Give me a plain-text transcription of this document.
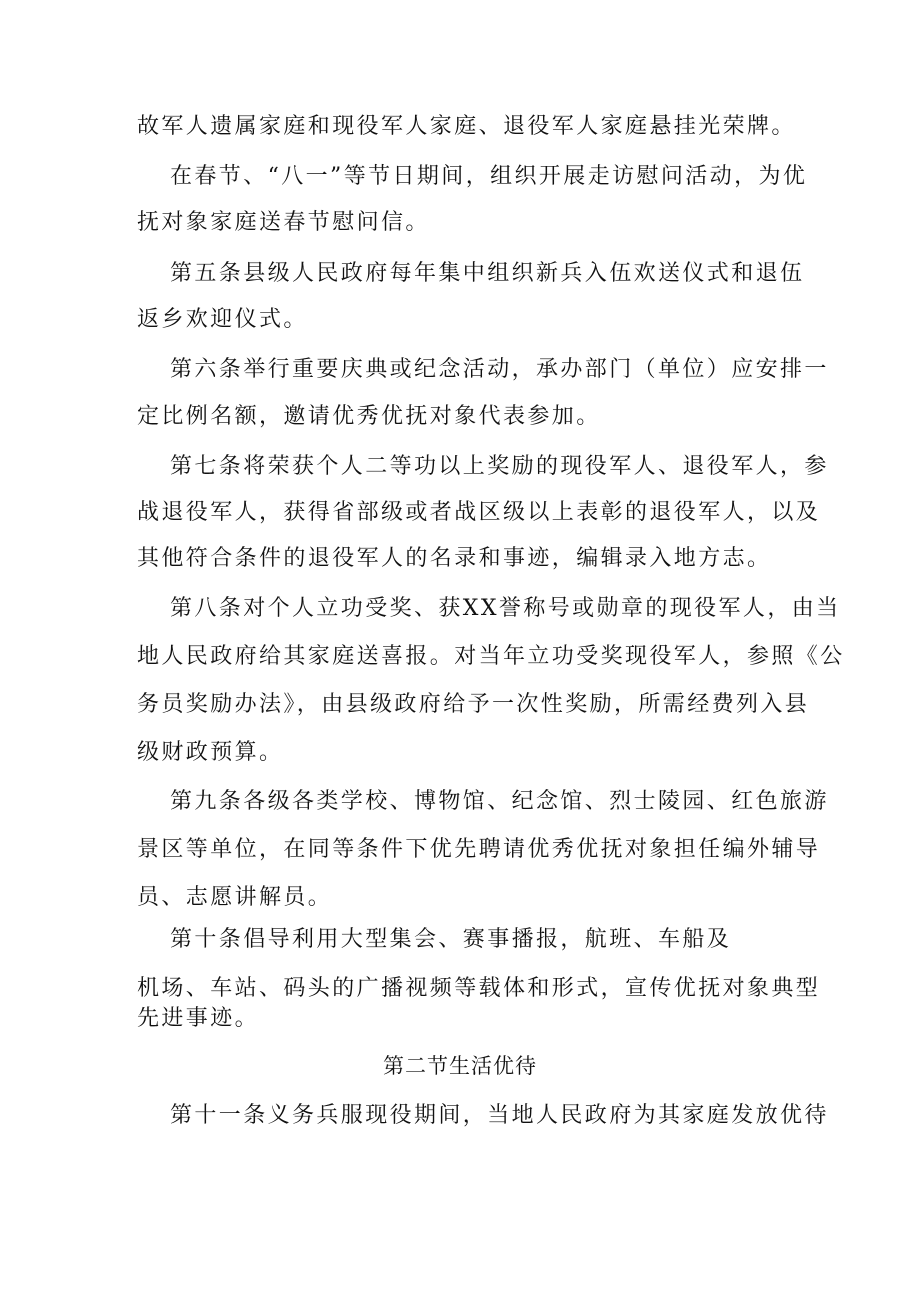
故军人遗属家庭和现役军人家庭、退役军人家庭悬挂光荣牌。
在春节、“八一”等节日期间，组织开展走访慰问活动，为优
抚对象家庭送春节慰问信。
第五条县级人民政府每年集中组织新兵入伍欢送仪式和退伍
返乡欢迎仪式。
第六条举行重要庆典或纪念活动，承办部门（单位）应安排一
定比例名额，邀请优秀优抚对象代表参加。
第七条将荣获个人二等功以上奖励的现役军人、退役军人，参
战退役军人，获得省部级或者战区级以上表彰的退役军人，以及
其他符合条件的退役军人的名录和事迹，编辑录入地方志。
第八条对个人立功受奖、获XX誉称号或勋章的现役军人，由当
地人民政府给其家庭送喜报。对当年立功受奖现役军人，参照《公
务员奖励办法》，由县级政府给予一次性奖励，所需经费列入县
级财政预算。
第九条各级各类学校、博物馆、纪念馆、烈士陵园、红色旅游
景区等单位，在同等条件下优先聘请优秀优抚对象担任编外辅导
员、志愿讲解员。
第十条倡导利用大型集会、赛事播报，航班、车船及
机场、车站、码头的广播视频等载体和形式，宣传优抚对象典型
先进事迹。
第二节生活优待
第十一条义务兵服现役期间，当地人民政府为其家庭发放优待
